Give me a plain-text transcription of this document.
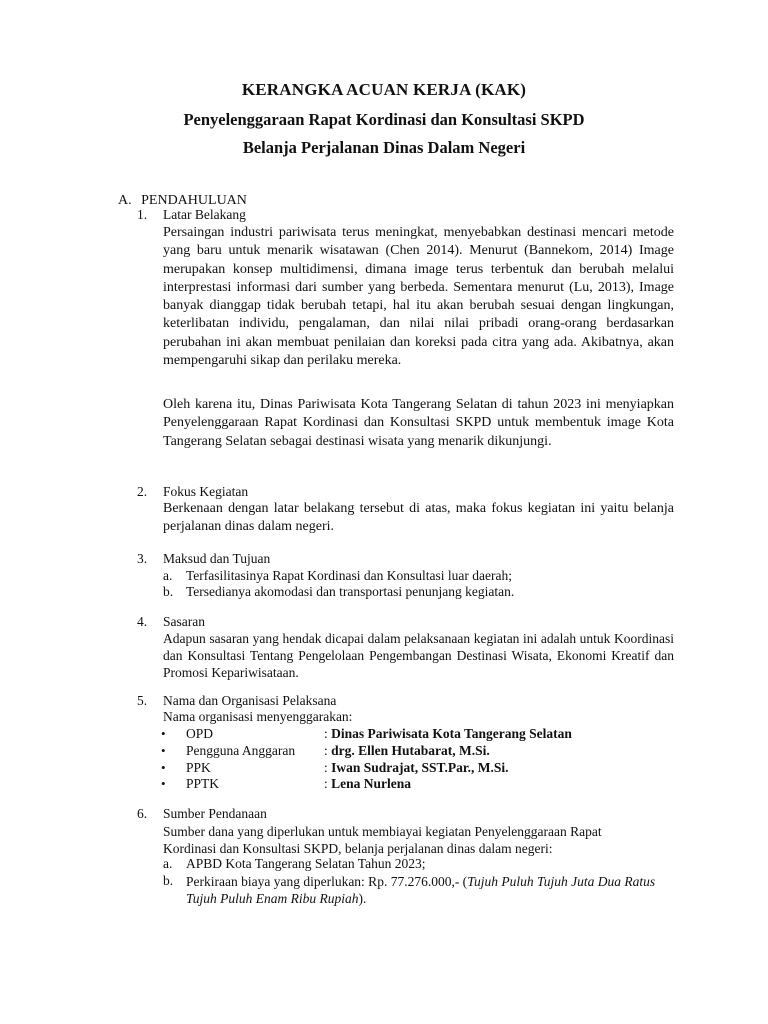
KERANGKA ACUAN KERJA (KAK)
Penyelenggaraan Rapat Kordinasi dan Konsultasi SKPD
Belanja Perjalanan Dinas Dalam Negeri
A. PENDAHULUAN
1. Latar Belakang
Persaingan industri pariwisata terus meningkat, menyebabkan destinasi mencari metode yang baru untuk menarik wisatawan (Chen 2014). Menurut (Bannekom, 2014) Image merupakan konsep multidimensi, dimana image terus terbentuk dan berubah melalui interprestasi informasi dari sumber yang berbeda. Sementara menurut (Lu, 2013), Image banyak dianggap tidak berubah tetapi, hal itu akan berubah sesuai dengan lingkungan, keterlibatan individu, pengalaman, dan nilai nilai pribadi orang-orang berdasarkan perubahan ini akan membuat penilaian dan koreksi pada citra yang ada. Akibatnya, akan mempengaruhi sikap dan perilaku mereka.
Oleh karena itu, Dinas Pariwisata Kota Tangerang Selatan di tahun 2023 ini menyiapkan Penyelenggaraan Rapat Kordinasi dan Konsultasi SKPD untuk membentuk image Kota Tangerang Selatan sebagai destinasi wisata yang menarik dikunjungi.
2. Fokus Kegiatan
Berkenaan dengan latar belakang tersebut di atas, maka fokus kegiatan ini yaitu belanja perjalanan dinas dalam negeri.
3. Maksud dan Tujuan
a. Terfasilitasinya Rapat Kordinasi dan Konsultasi luar daerah;
b. Tersedianya akomodasi dan transportasi penunjang kegiatan.
4. Sasaran
Adapun sasaran yang hendak dicapai dalam pelaksanaan kegiatan ini adalah untuk Koordinasi dan Konsultasi Tentang Pengelolaan Pengembangan Destinasi Wisata, Ekonomi Kreatif dan Promosi Kepariwisataan.
5. Nama dan Organisasi Pelaksana
Nama organisasi menyenggarakan:
• OPD	: Dinas Pariwisata Kota Tangerang Selatan
• Pengguna Anggaran : drg. Ellen Hutabarat, M.Si.
• PPK	: Iwan Sudrajat, SST.Par., M.Si.
• PPTK	: Lena Nurlena
6. Sumber Pendanaan
Sumber dana yang diperlukan untuk membiayai kegiatan Penyelenggaraan Rapat Kordinasi dan Konsultasi SKPD, belanja perjalanan dinas dalam negeri:
a. APBD Kota Tangerang Selatan Tahun 2023;
b. Perkiraan biaya yang diperlukan: Rp. 77.276.000,- (Tujuh Puluh Tujuh Juta Dua Ratus Tujuh Puluh Enam Ribu Rupiah).
